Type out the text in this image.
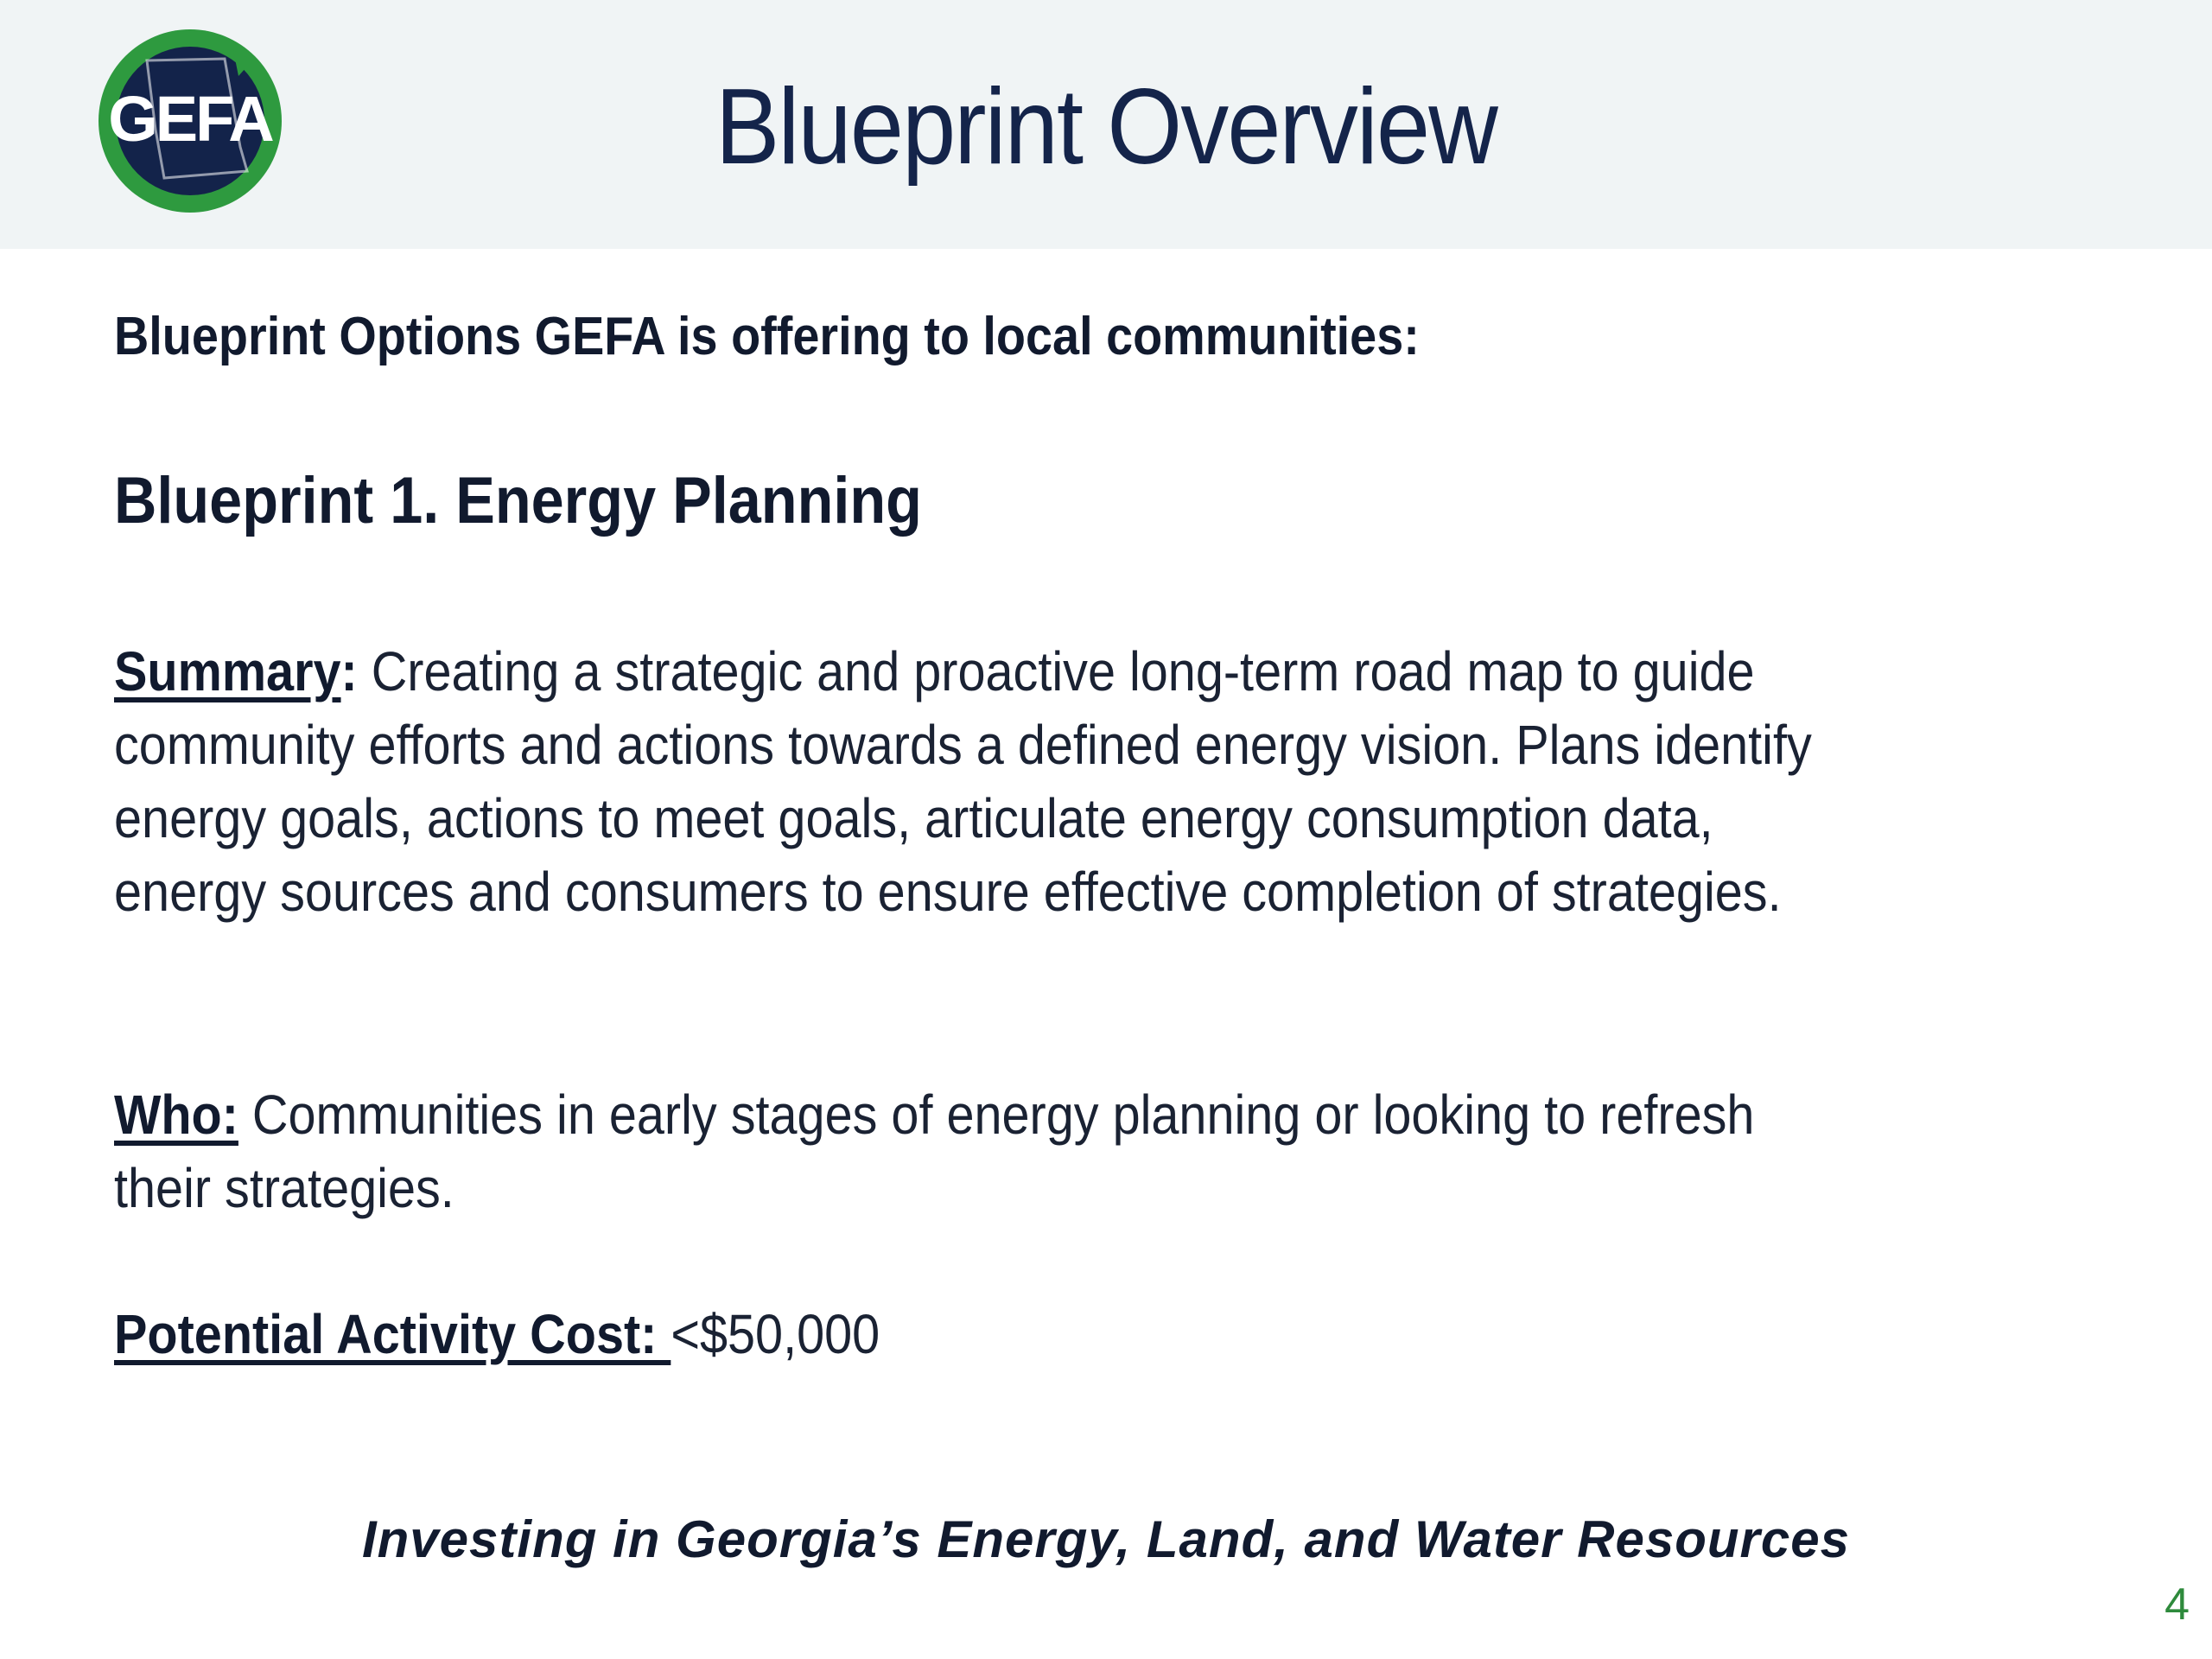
GEFA	Blueprint Overview

Blueprint Options GEFA is offering to local communities:

Blueprint 1. Energy Planning

Summary: Creating a strategic and proactive long-term road map to guide community efforts and actions towards a defined energy vision. Plans identify energy goals, actions to meet goals, articulate energy consumption data, energy sources and consumers to ensure effective completion of strategies.

Who: Communities in early stages of energy planning or looking to refresh their strategies.

Potential Activity Cost: <$50,000

Investing in Georgia’s Energy, Land, and Water Resources
4
